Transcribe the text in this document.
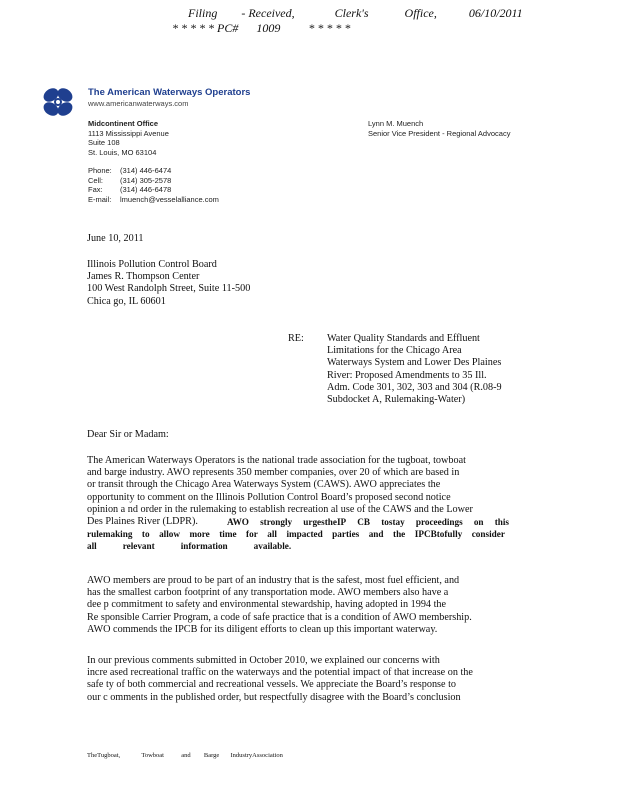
Filing - Received,	Clerk's	Office,	06/10/2011
* * * * * PC# 1009 * * * * *
The American Waterways Operators
www.americanwaterways.com
Midcontinent Office
1113 Mississippi Avenue
Suite 108
St. Louis, MO 63104
Phone: (314) 446-6474
Cell: (314) 305-2578
Fax: (314) 446-6478
E-mail: lmuench@vesselalliance.com
Lynn M. Muench
Senior Vice President - Regional Advocacy
June 10, 2011
Illinois Pollution Control Board
James R. Thompson Center
100 West Randolph Street, Suite 11-500
Chica go, IL 60601
RE: Water Quality Standards and Effluent
Limitations for the Chicago Area
Waterways System and Lower Des Plaines
River: Proposed Amendments to 35 Ill.
Adm. Code 301, 302, 303 and 304 (R.08-9
Subdocket A, Rulemaking-Water)
Dear Sir or Madam:
The American Waterways Operators is the national trade association for the tugboat, towboat
and barge industry. AWO represents 350 member companies, over 20 of which are based in
or transit through the Chicago Area Waterways System (CAWS). AWO appreciates the
opportunity to comment on the Illinois Pollution Control Board’s proposed second notice
opinion a nd order in the rulemaking to establish recreation al use of the CAWS and the Lower
Des Plaines River (LDPR).	AWO strongly urgestheIP CB tostay proceedings on this
rulemaking to allow more time for all impacted parties and the IPCBtofully consider
all	relevant	information	available.
AWO members are proud to be part of an industry that is the safest, most fuel efficient, and
has the smallest carbon footprint of any transportation mode. AWO members also have a
dee p commitment to safety and environmental stewardship, having adopted in 1994 the
Re sponsible Carrier Program, a code of safe practice that is a condition of AWO membership.
AWO commends the IPCB for its diligent efforts to clean up this important waterway.
In our previous comments submitted in October 2010, we explained our concerns with
incre ased recreational traffic on the waterways and the potential impact of that increase on the
safe ty of both commercial and recreational vessels. We appreciate the Board’s response to
our c omments in the published order, but respectfully disagree with the Board’s conclusion
TheTugboat,	Towboat	and Barge IndustryAssociation
